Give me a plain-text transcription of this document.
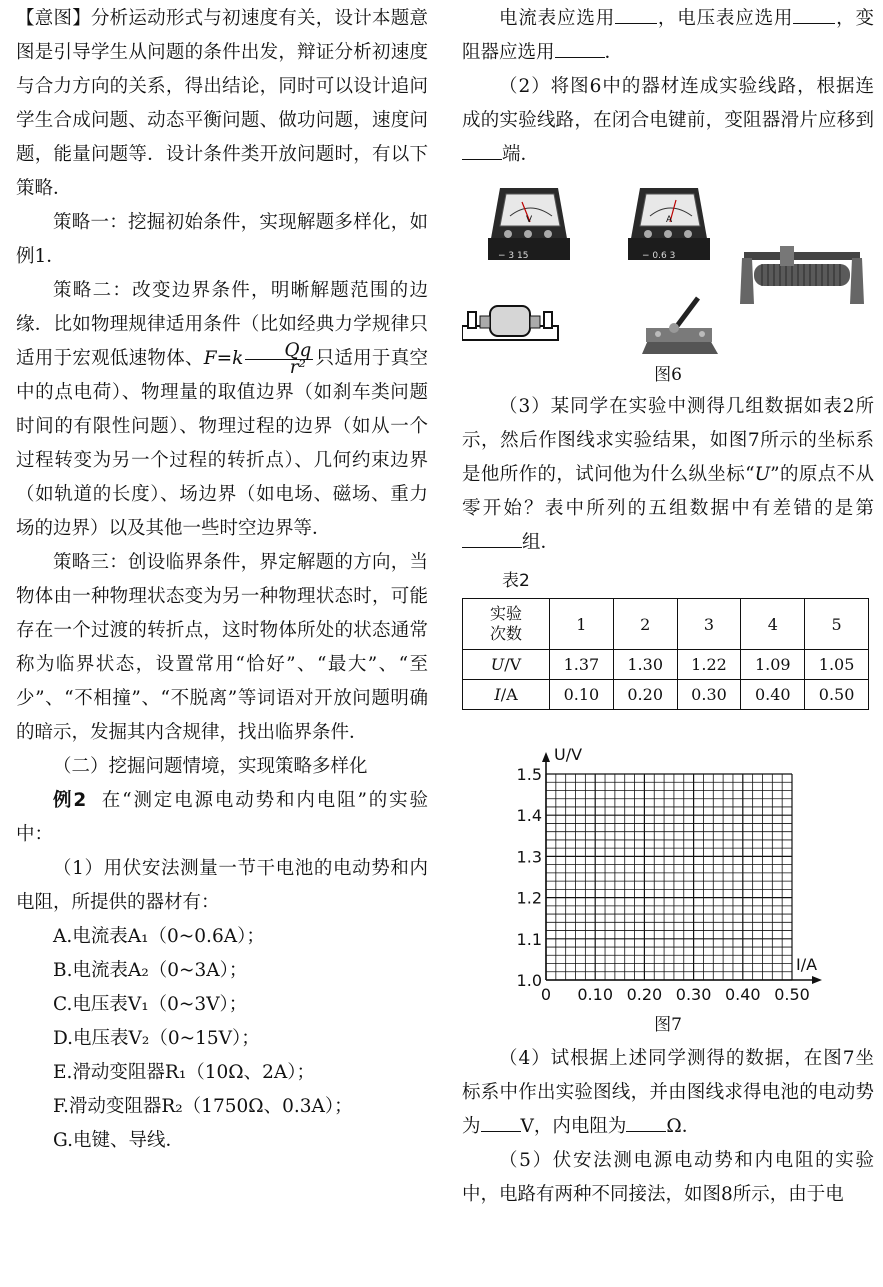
【意图】分析运动形式与初速度有关，设计本题意图是引导学生从问题的条件出发，辩证分析初速度与合力方向的关系，得出结论，同时可以设计追问学生合成问题、动态平衡问题、做功问题，速度问题，能量问题等．设计条件类开放问题时，有以下策略．

策略一：挖掘初始条件，实现解题多样化，如例1．

策略二：改变边界条件，明晰解题范围的边缘．比如物理规律适用条件（比如经典力学规律只适用于宏观低速物体、$F=k \frac{Qq}{\text{r²}}$ 只适用于真空中的点电荷）、物理量的取值边界（如刹车类问题时间的有限性问题）、物理过程的边界（如从一个过程转变为另一个过程的转折点）、几何约束边界（如轨道的长度）、场边界（如电场、磁场、重力场的边界）以及其他一些时空边界等．

策略三：创设临界条件，界定解题的方向，当物体由一种物理状态变为另一种物理状态时，可能存在一个过渡的转折点，这时物体所处的状态通常称为临界状态，设置常用“恰好”、“最大”、“至少”、“不相撞”、“不脱离”等词语对开放问题明确的暗示，发掘其内含规律，找出临界条件．

（二）挖掘问题情境，实现策略多样化

例2 在“测定电源电动势和内电阻”的实验中：

（1）用伏安法测量一节干电池的电动势和内电阻，所提供的器材有：

A.电流表A₁（0~0.6A）；

B.电流表A₂（0~3A）；

C.电压表V₁（0~3V）；

D.电压表V₂（0~15V）；

E.滑动变阻器R₁（10Ω、2A）；

F.滑动变阻器R₂（1750Ω、0.3A）；

G.电键、导线．

电流表应选用 ，电压表应选用 ，变阻器应选用	．

（2）将图6中的器材连成实验线路，根据连成的实验线路，在闭合电键前，变阻器滑片应移到端．

V
− 3 15
A
− 0.6 3
图6

（3）某同学在实验中测得几组数据如表2所示，然后作图线求实验结果，如图7所示的坐标系是他所作的，试问他为什么纵坐标“U”的原点不从零开始？表中所列的五组数据中有差错的是第组．

表2
实验次数	1	2	3	4	5
U/V	1.37	1.30	1.22	1.09	1.05
I/A	0.10	0.20	0.30	0.40	0.50
0 0.10 0.20 0.30 0.40 0.50
1.0
1.1
1.2
1.3
1.4
1.5
U/V
I/A
图7

（4）试根据上述同学测得的数据，在图7坐标系中作出实验图线，并由图线求得电池的电动势为 V，内电阻为 Ω．

（5）伏安法测电源电动势和内电阻的实验中，电路有两种不同接法，如图8所示，由于电
